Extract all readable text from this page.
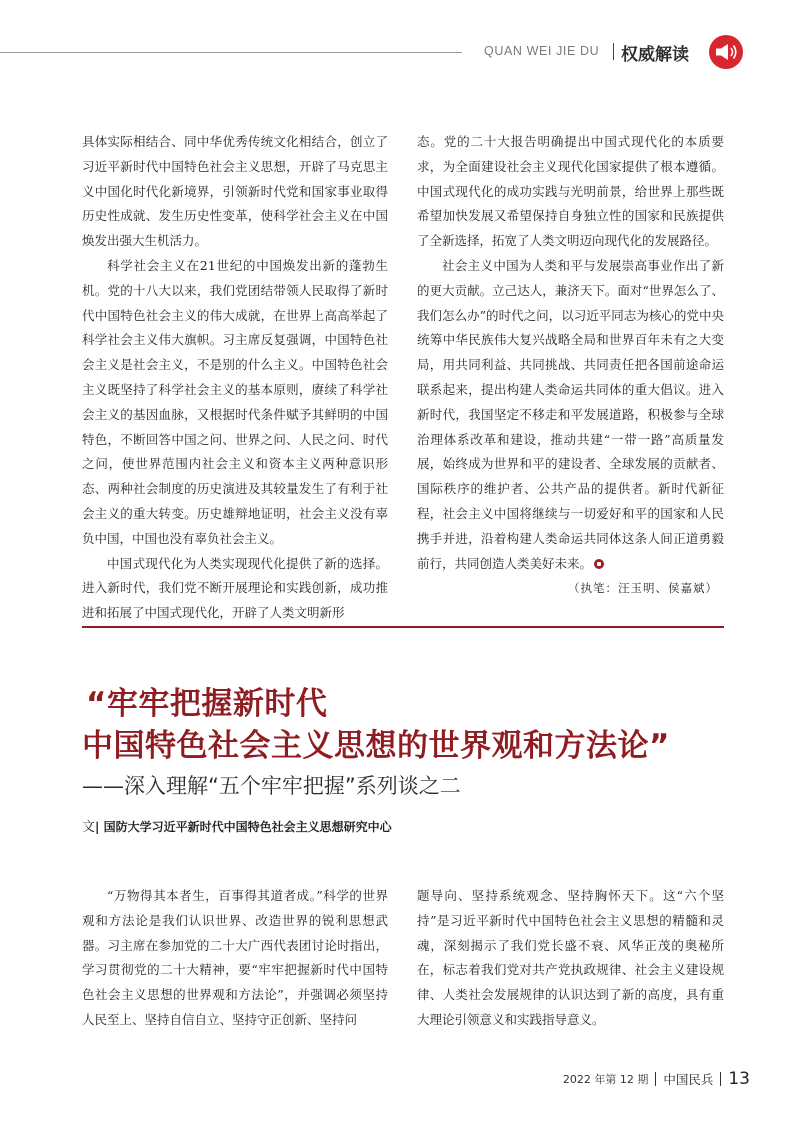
QUAN WEI JIE DU 权威解读

具体实际相结合、同中华优秀传统文化相结合，创立了习近平新时代中国特色社会主义思想，开辟了马克思主义中国化时代化新境界，引领新时代党和国家事业取得历史性成就、发生历史性变革，使科学社会主义在中国焕发出强大生机活力。

科学社会主义在21世纪的中国焕发出新的蓬勃生机。党的十八大以来，我们党团结带领人民取得了新时代中国特色社会主义的伟大成就，在世界上高高举起了科学社会主义伟大旗帜。习主席反复强调，中国特色社会主义是社会主义，不是别的什么主义。中国特色社会主义既坚持了科学社会主义的基本原则，赓续了科学社会主义的基因血脉，又根据时代条件赋予其鲜明的中国特色，不断回答中国之问、世界之问、人民之问、时代之问，使世界范围内社会主义和资本主义两种意识形态、两种社会制度的历史演进及其较量发生了有利于社会主义的重大转变。历史雄辩地证明，社会主义没有辜负中国，中国也没有辜负社会主义。

中国式现代化为人类实现现代化提供了新的选择。进入新时代，我们党不断开展理论和实践创新，成功推进和拓展了中国式现代化，开辟了人类文明新形

态。党的二十大报告明确提出中国式现代化的本质要求，为全面建设社会主义现代化国家提供了根本遵循。中国式现代化的成功实践与光明前景，给世界上那些既希望加快发展又希望保持自身独立性的国家和民族提供了全新选择，拓宽了人类文明迈向现代化的发展路径。

社会主义中国为人类和平与发展崇高事业作出了新的更大贡献。立己达人，兼济天下。面对“世界怎么了、我们怎么办”的时代之问，以习近平同志为核心的党中央统筹中华民族伟大复兴战略全局和世界百年未有之大变局，用共同利益、共同挑战、共同责任把各国前途命运联系起来，提出构建人类命运共同体的重大倡议。进入新时代，我国坚定不移走和平发展道路，积极参与全球治理体系改革和建设，推动共建“一带一路”高质量发展，始终成为世界和平的建设者、全球发展的贡献者、国际秩序的维护者、公共产品的提供者。新时代新征程，社会主义中国将继续与一切爱好和平的国家和人民携手并进，沿着构建人类命运共同体这条人间正道勇毅前行，共同创造人类美好未来。

（执笔：汪玉明、侯嘉斌）
“牢牢把握新时代
中国特色社会主义思想的世界观和方法论”
——深入理解“五个牢牢把握”系列谈之二
文| 国防大学习近平新时代中国特色社会主义思想研究中心

“万物得其本者生，百事得其道者成。”科学的世界观和方法论是我们认识世界、改造世界的锐利思想武器。习主席在参加党的二十大广西代表团讨论时指出，学习贯彻党的二十大精神，要“牢牢把握新时代中国特色社会主义思想的世界观和方法论”，并强调必须坚持人民至上、坚持自信自立、坚持守正创新、坚持问

题导向、坚持系统观念、坚持胸怀天下。这“六个坚持”是习近平新时代中国特色社会主义思想的精髓和灵魂，深刻揭示了我们党长盛不衰、风华正茂的奥秘所在，标志着我们党对共产党执政规律、社会主义建设规律、人类社会发展规律的认识达到了新的高度，具有重大理论引领意义和实践指导意义。

2022 年第 12 期 中国民兵 13
